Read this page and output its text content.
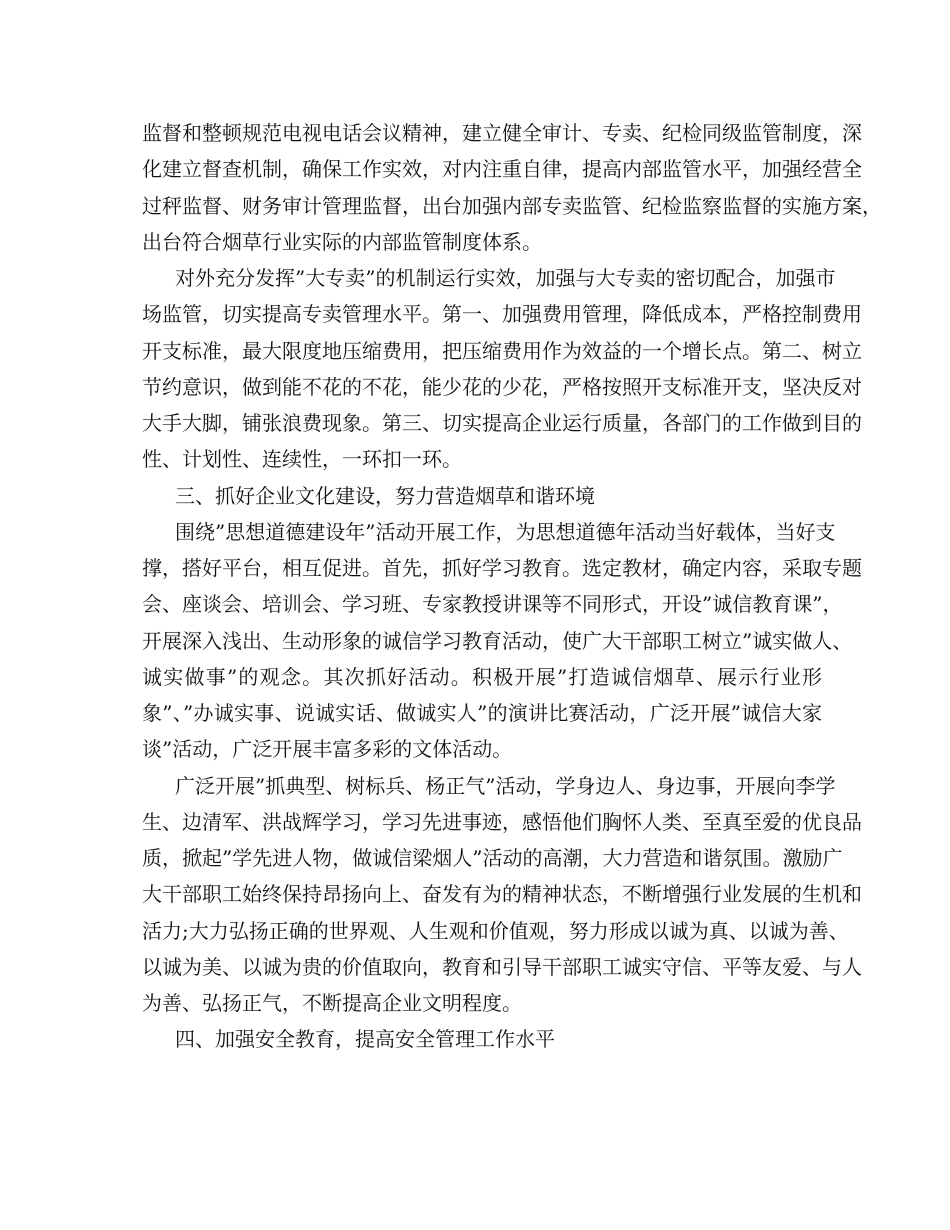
监督和整顿规范电视电话会议精神，建立健全审计、专卖、纪检同级监管制度，深
化建立督查机制，确保工作实效，对内注重自律，提高内部监管水平，加强经营全
过秤监督、财务审计管理监督，出台加强内部专卖监管、纪检监察监督的实施方案，
出台符合烟草行业实际的内部监管制度体系。
对外充分发挥”大专卖”的机制运行实效，加强与大专卖的密切配合，加强市
场监管，切实提高专卖管理水平。第一、加强费用管理，降低成本，严格控制费用
开支标准，最大限度地压缩费用，把压缩费用作为效益的一个增长点。第二、树立
节约意识，做到能不花的不花，能少花的少花，严格按照开支标准开支，坚决反对
大手大脚，铺张浪费现象。第三、切实提高企业运行质量，各部门的工作做到目的
性、计划性、连续性，一环扣一环。
三、抓好企业文化建设，努力营造烟草和谐环境
围绕”思想道德建设年”活动开展工作，为思想道德年活动当好载体，当好支
撑，搭好平台，相互促进。首先，抓好学习教育。选定教材，确定内容，采取专题
会、座谈会、培训会、学习班、专家教授讲课等不同形式，开设”诚信教育课”，
开展深入浅出、生动形象的诚信学习教育活动，使广大干部职工树立”诚实做人、
诚实做事”的观念。其次抓好活动。积极开展”打造诚信烟草、展示行业形
象”、”办诚实事、说诚实话、做诚实人”的演讲比赛活动，广泛开展”诚信大家
谈”活动，广泛开展丰富多彩的文体活动。
广泛开展”抓典型、树标兵、杨正气”活动，学身边人、身边事，开展向李学
生、边清军、洪战辉学习，学习先进事迹，感悟他们胸怀人类、至真至爱的优良品
质，掀起”学先进人物，做诚信梁烟人”活动的高潮，大力营造和谐氛围。激励广
大干部职工始终保持昂扬向上、奋发有为的精神状态，不断增强行业发展的生机和
活力;大力弘扬正确的世界观、人生观和价值观，努力形成以诚为真、以诚为善、
以诚为美、以诚为贵的价值取向，教育和引导干部职工诚实守信、平等友爱、与人
为善、弘扬正气，不断提高企业文明程度。
四、加强安全教育，提高安全管理工作水平
